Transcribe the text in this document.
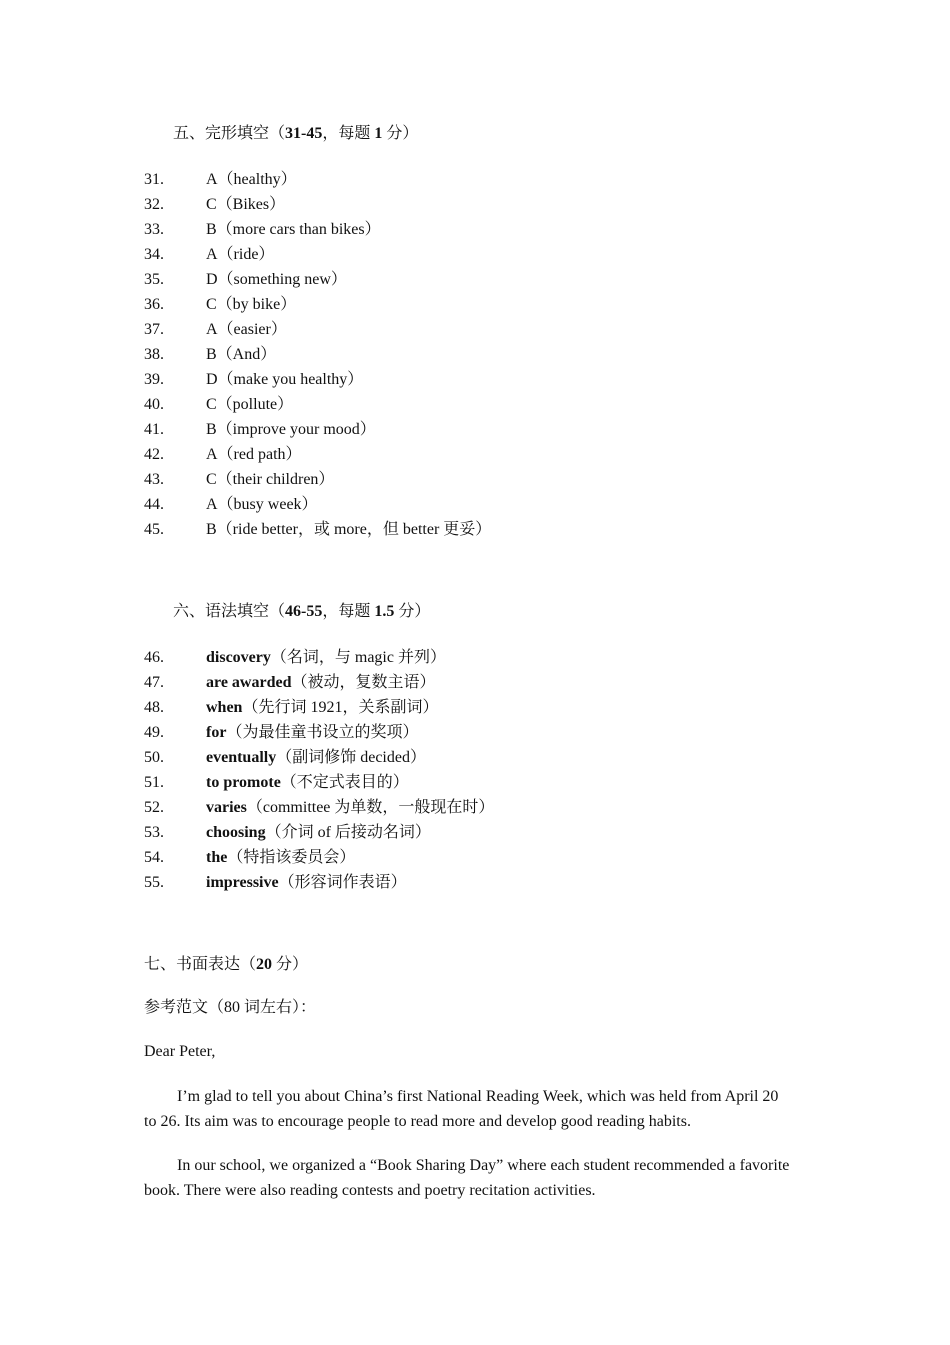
五、完形填空（31-45，每题 1 分）
31.	A（healthy）
32.	C（Bikes）
33.	B（more cars than bikes）
34.	A（ride）
35.	D（something new）
36.	C（by bike）
37.	A（easier）
38.	B（And）
39.	D（make you healthy）
40.	C（pollute）
41.	B（improve your mood）
42.	A（red path）
43.	C（their children）
44.	A（busy week）
45.	B（ride better，或 more，但 better 更妥）
六、语法填空（46-55，每题 1.5 分）
46.	discovery（名词，与 magic 并列）
47.	are awarded（被动，复数主语）
48.	when（先行词 1921，关系副词）
49.	for（为最佳童书设立的奖项）
50.	eventually（副词修饰 decided）
51.	to promote（不定式表目的）
52.	varies（committee 为单数，一般现在时）
53.	choosing（介词 of 后接动名词）
54.	the（特指该委员会）
55.	impressive（形容词作表语）
七、书面表达（20 分）
参考范文（80 词左右）：
Dear Peter,
I’m glad to tell you about China’s first National Reading Week, which was held from April 20 to 26. Its aim was to encourage people to read more and develop good reading habits.
In our school, we organized a “Book Sharing Day” where each student recommended a favorite book. There were also reading contests and poetry recitation activities.
